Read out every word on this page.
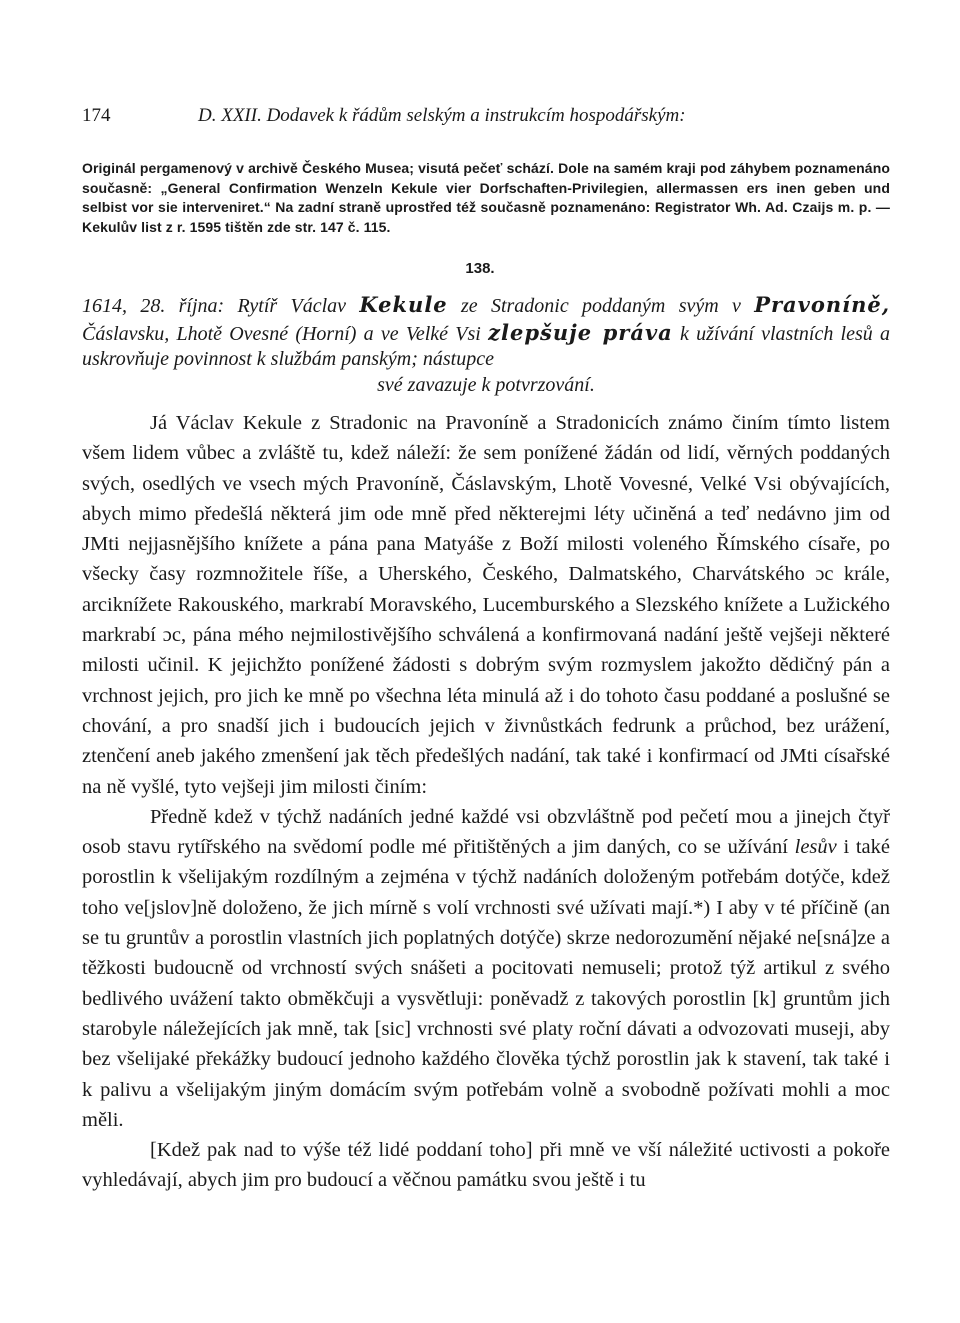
174	D. XXII. Dodavek k řádům selským a instrukcím hospodářským:
Originál pergamenový v archivě Českého Musea; visutá pečeť schází. Dole na samém kraji pod záhybem poznamenáno současně: „General Confirmation Wenzeln Kekule vier Dorfschaften-Privilegien, allermassen ers inen geben und selbist vor sie interveniret.“ Na zadní straně uprostřed též současně poznamenáno: Registrator Wh. Ad. Czaijs m. p. — Kekulův list z r. 1595 tištěn zde str. 147 č. 115.
138.
1614, 28. října: Rytíř Václav Kekule ze Stradonic poddaným svým v Pravoníně, Čáslavsku, Lhotě Ovesné (Horní) a ve Velké Vsi zlepšuje práva k užívání vlastních lesů a uskrovňuje povinnost k službám panským; nástupce
své zavazuje k potvrzování.

Já Václav Kekule z Stradonic na Pravoníně a Stradonicích známo činím tímto listem všem lidem vůbec a zvláště tu, kdež náleží: že sem ponížené žádán od lidí, věrných poddaných svých, osedlých ve vsech mých Pravoníně, Čáslavským, Lhotě Vovesné, Velké Vsi obývajících, abych mimo předešlá některá jim ode mně před některejmi léty učiněná a teď nedávno jim od JMti nejjasnějšího knížete a pána pana Matyáše z Boží milosti voleného Římského císaře, po všecky časy rozmnožitele říše, a Uherského, Českého, Dalmatského, Charvátského ɔc krále, arciknížete Rakouského, markrabí Moravského, Lucemburského a Slezského knížete a Lužického markrabí ɔc, pána mého nejmilostivějšího schválená a konfirmovaná nadání ještě vejšeji některé milosti učinil. K jejichžto ponížené žádosti s dobrým svým rozmyslem jakožto dědičný pán a vrchnost jejich, pro jich ke mně po všechna léta minulá až i do tohoto času poddané a poslušné se chování, a pro snadší jich i budoucích jejich v živnůstkách fedrunk a průchod, bez urážení, ztenčení aneb jakého zmenšení jak těch předešlých nadání, tak také i konfirmací od JMti císařské na ně vyšlé, tyto vejšeji jim milosti činím:

Předně kdež v týchž nadáních jedné každé vsi obzvláštně pod pečetí mou a jinejch čtyř osob stavu rytířského na svědomí podle mé přitištěných a jim daných, co se užívání lesův i také porostlin k všelijakým rozdílným a zejména v týchž nadáních doloženým potřebám dotýče, kdež toho ve[jslov]ně doloženo, že jich mírně s volí vrchnosti své užívati mají.*) I aby v té příčině (an se tu gruntův a porostlin vlastních jich poplatných dotýče) skrze nedorozumění nějaké ne[sná]ze a těžkosti budoucně od vrchností svých snášeti a pocitovati nemuseli; protož týž artikul z svého bedlivého uvážení takto obměkčuji a vysvětluji: poněvadž z takových porostlin [k] gruntům jich starobyle náležejících jak mně, tak [sic] vrchnosti své platy roční dávati a odvozovati museji, aby bez všelijaké překážky budoucí jednoho každého člověka týchž porostlin jak k stavení, tak také i k palivu a všelijakým jiným domácím svým potřebám volně a svobodně požívati mohli a moc měli.

[Kdež pak nad to výše též lidé poddaní toho] při mně ve vší náležité uctivosti a pokoře vyhledávají, abych jim pro budoucí a věčnou památku svou ještě i tu
